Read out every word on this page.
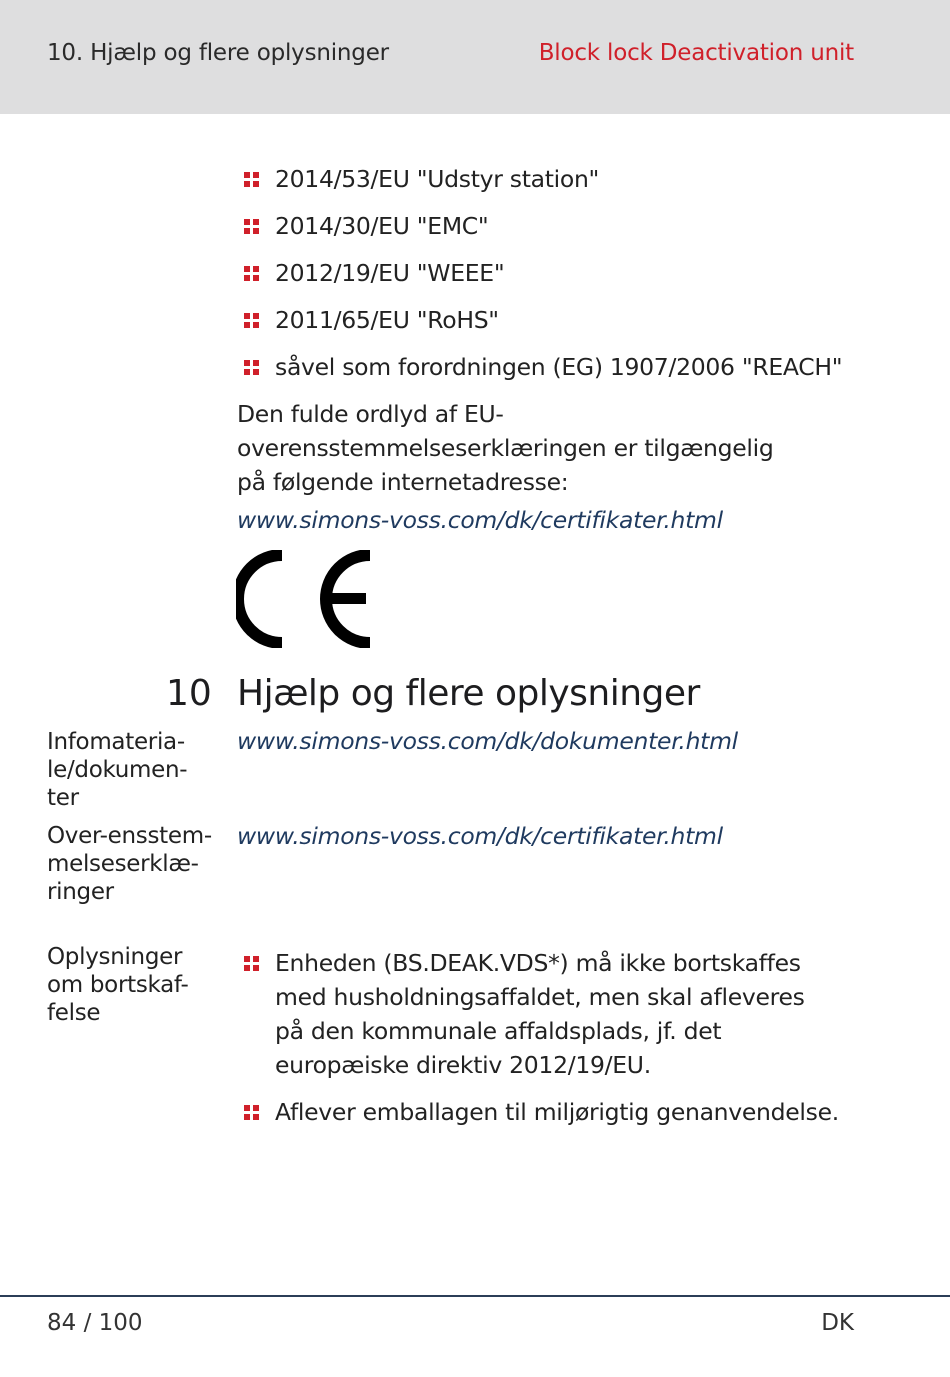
10. Hjælp og flere oplysninger	Block lock Deactivation unit
2014/53/EU "Udstyr station"
2014/30/EU "EMC"
2012/19/EU "WEEE"
2011/65/EU "RoHS"
såvel som forordningen (EG) 1907/2006 "REACH"
Den fulde ordlyd af EU-overensstemmelseserklæringen er tilgængelig på følgende internetadresse:
www.simons-voss.com/dk/certifikater.html
10 Hjælp og flere oplysninger
Infomateria-le/dokumen-ter
www.simons-voss.com/dk/dokumenter.html
Over-ensstem-melseserklæ-ringer
www.simons-voss.com/dk/certifikater.html
Oplysninger om bortskaf-felse
Enheden (BS.DEAK.VDS*) må ikke bortskaffes med husholdningsaffaldet, men skal afleveres på den kommunale affaldsplads, jf. det europæiske direktiv 2012/19/EU.
Aflever emballagen til miljørigtig genanvendelse.
84 / 100	DK
